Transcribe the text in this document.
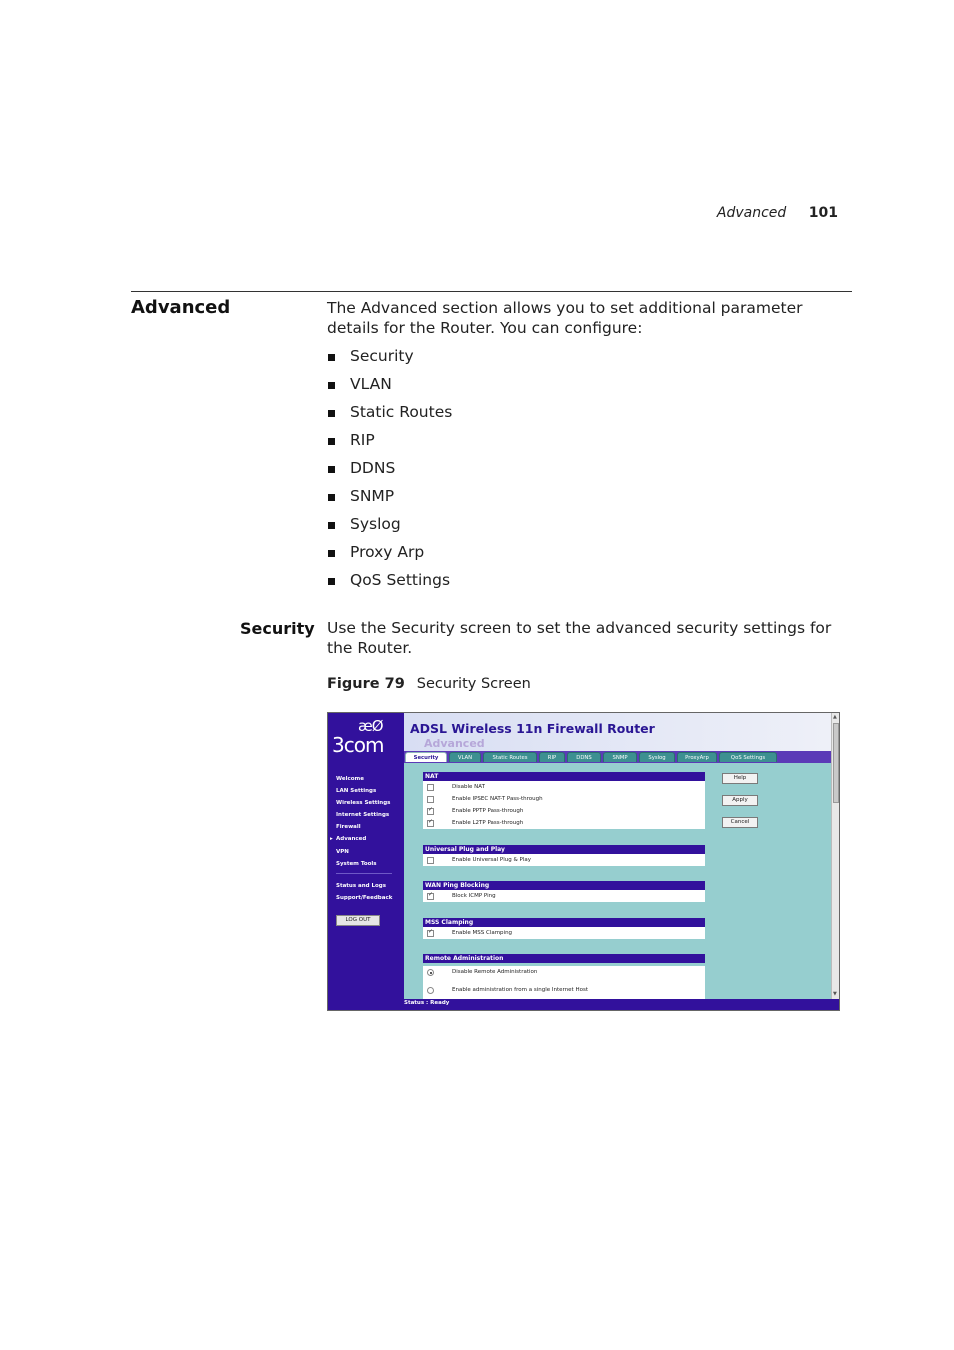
Advanced 101
Advanced	The Advanced section allows you to set additional parameter details for the Router. You can configure:

Security
VLAN
Static Routes
RIP
DDNS
SNMP
Syslog
Proxy Arp
QoS Settings
Security Use the Security screen to set the advanced security settings for the Router.

Figure 79 Security Screen
æØ
3com
Welcome
LAN Settings
Wireless Settings
Internet Settings
Firewall
▸ Advanced
VPN
System Tools
Status and Logs
Support/Feedback
LOG OUT
ADSL Wireless 11n Firewall Router
Advanced
Security	VLAN	Static Routes	RIP	DDNS	SNMP	Syslog	ProxyArp	QoS Settings
NAT
Disable NAT
Enable IPSEC NAT-T Pass-through
✓
Enable PPTP Pass-through
✓
Enable L2TP Pass-through
Universal Plug and Play
Enable Universal Plug & Play
WAN Ping Blocking
✓
Block ICMP Ping
MSS Clamping
✓
Enable MSS Clamping
Remote Administration
Disable Remote Administration
Enable administration from a single Internet Host
Help
Apply
Cancel
▲
▼
Status : Ready
